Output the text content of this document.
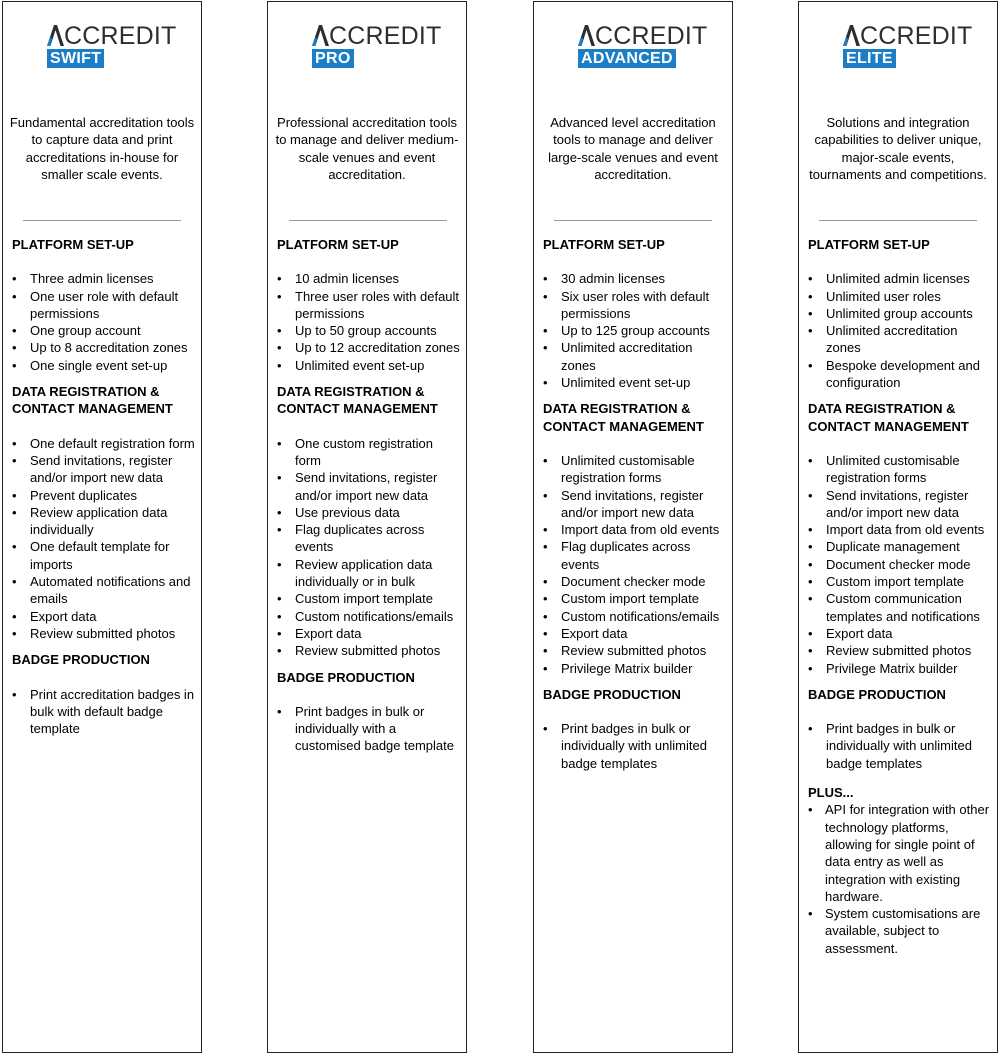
CCREDIT
SWIFT
Fundamental accreditation tools to capture data and print accreditations in-house for smaller scale events.
PLATFORM SET-UP
• Three admin licenses
• One user role with default permissions
• One group account
• Up to 8 accreditation zones
• One single event set-up
DATA REGISTRATION & CONTACT MANAGEMENT
• One default registration form
• Send invitations, register and/or import new data
• Prevent duplicates
• Review application data individually
• One default template for imports
• Automated notifications and emails
• Export data
• Review submitted photos
BADGE PRODUCTION
• Print accreditation badges in bulk with default badge template
CCREDIT
PRO
Professional accreditation tools to manage and deliver medium-scale venues and event accreditation.
PLATFORM SET-UP
• 10 admin licenses
• Three user roles with default permissions
• Up to 50 group accounts
• Up to 12 accreditation zones
• Unlimited event set-up
DATA REGISTRATION & CONTACT MANAGEMENT
• One custom registration form
• Send invitations, register and/or import new data
• Use previous data
• Flag duplicates across events
• Review application data individually or in bulk
• Custom import template
• Custom notifications/emails
• Export data
• Review submitted photos
BADGE PRODUCTION
• Print badges in bulk or individually with a customised badge template
CCREDIT
ADVANCED
Advanced level accreditation tools to manage and deliver large-scale venues and event accreditation.
PLATFORM SET-UP
• 30 admin licenses
• Six user roles with default permissions
• Up to 125 group accounts
• Unlimited accreditation zones
• Unlimited event set-up
DATA REGISTRATION & CONTACT MANAGEMENT
• Unlimited customisable registration forms
• Send invitations, register and/or import new data
• Import data from old events
• Flag duplicates across events
• Document checker mode
• Custom import template
• Custom notifications/emails
• Export data
• Review submitted photos
• Privilege Matrix builder
BADGE PRODUCTION
• Print badges in bulk or individually with unlimited badge templates
CCREDIT
ELITE
Solutions and integration capabilities to deliver unique, major-scale events, tournaments and competitions.
PLATFORM SET-UP
• Unlimited admin licenses
• Unlimited user roles
• Unlimited group accounts
• Unlimited accreditation zones
• Bespoke development and configuration
DATA REGISTRATION & CONTACT MANAGEMENT
• Unlimited customisable registration forms
• Send invitations, register and/or import new data
• Import data from old events
• Duplicate management
• Document checker mode
• Custom import template
• Custom communication templates and notifications
• Export data
• Review submitted photos
• Privilege Matrix builder
BADGE PRODUCTION
• Print badges in bulk or individually with unlimited badge templates
PLUS...
• API for integration with other technology platforms, allowing for single point of data entry as well as integration with existing hardware.
• System customisations are available, subject to assessment.
